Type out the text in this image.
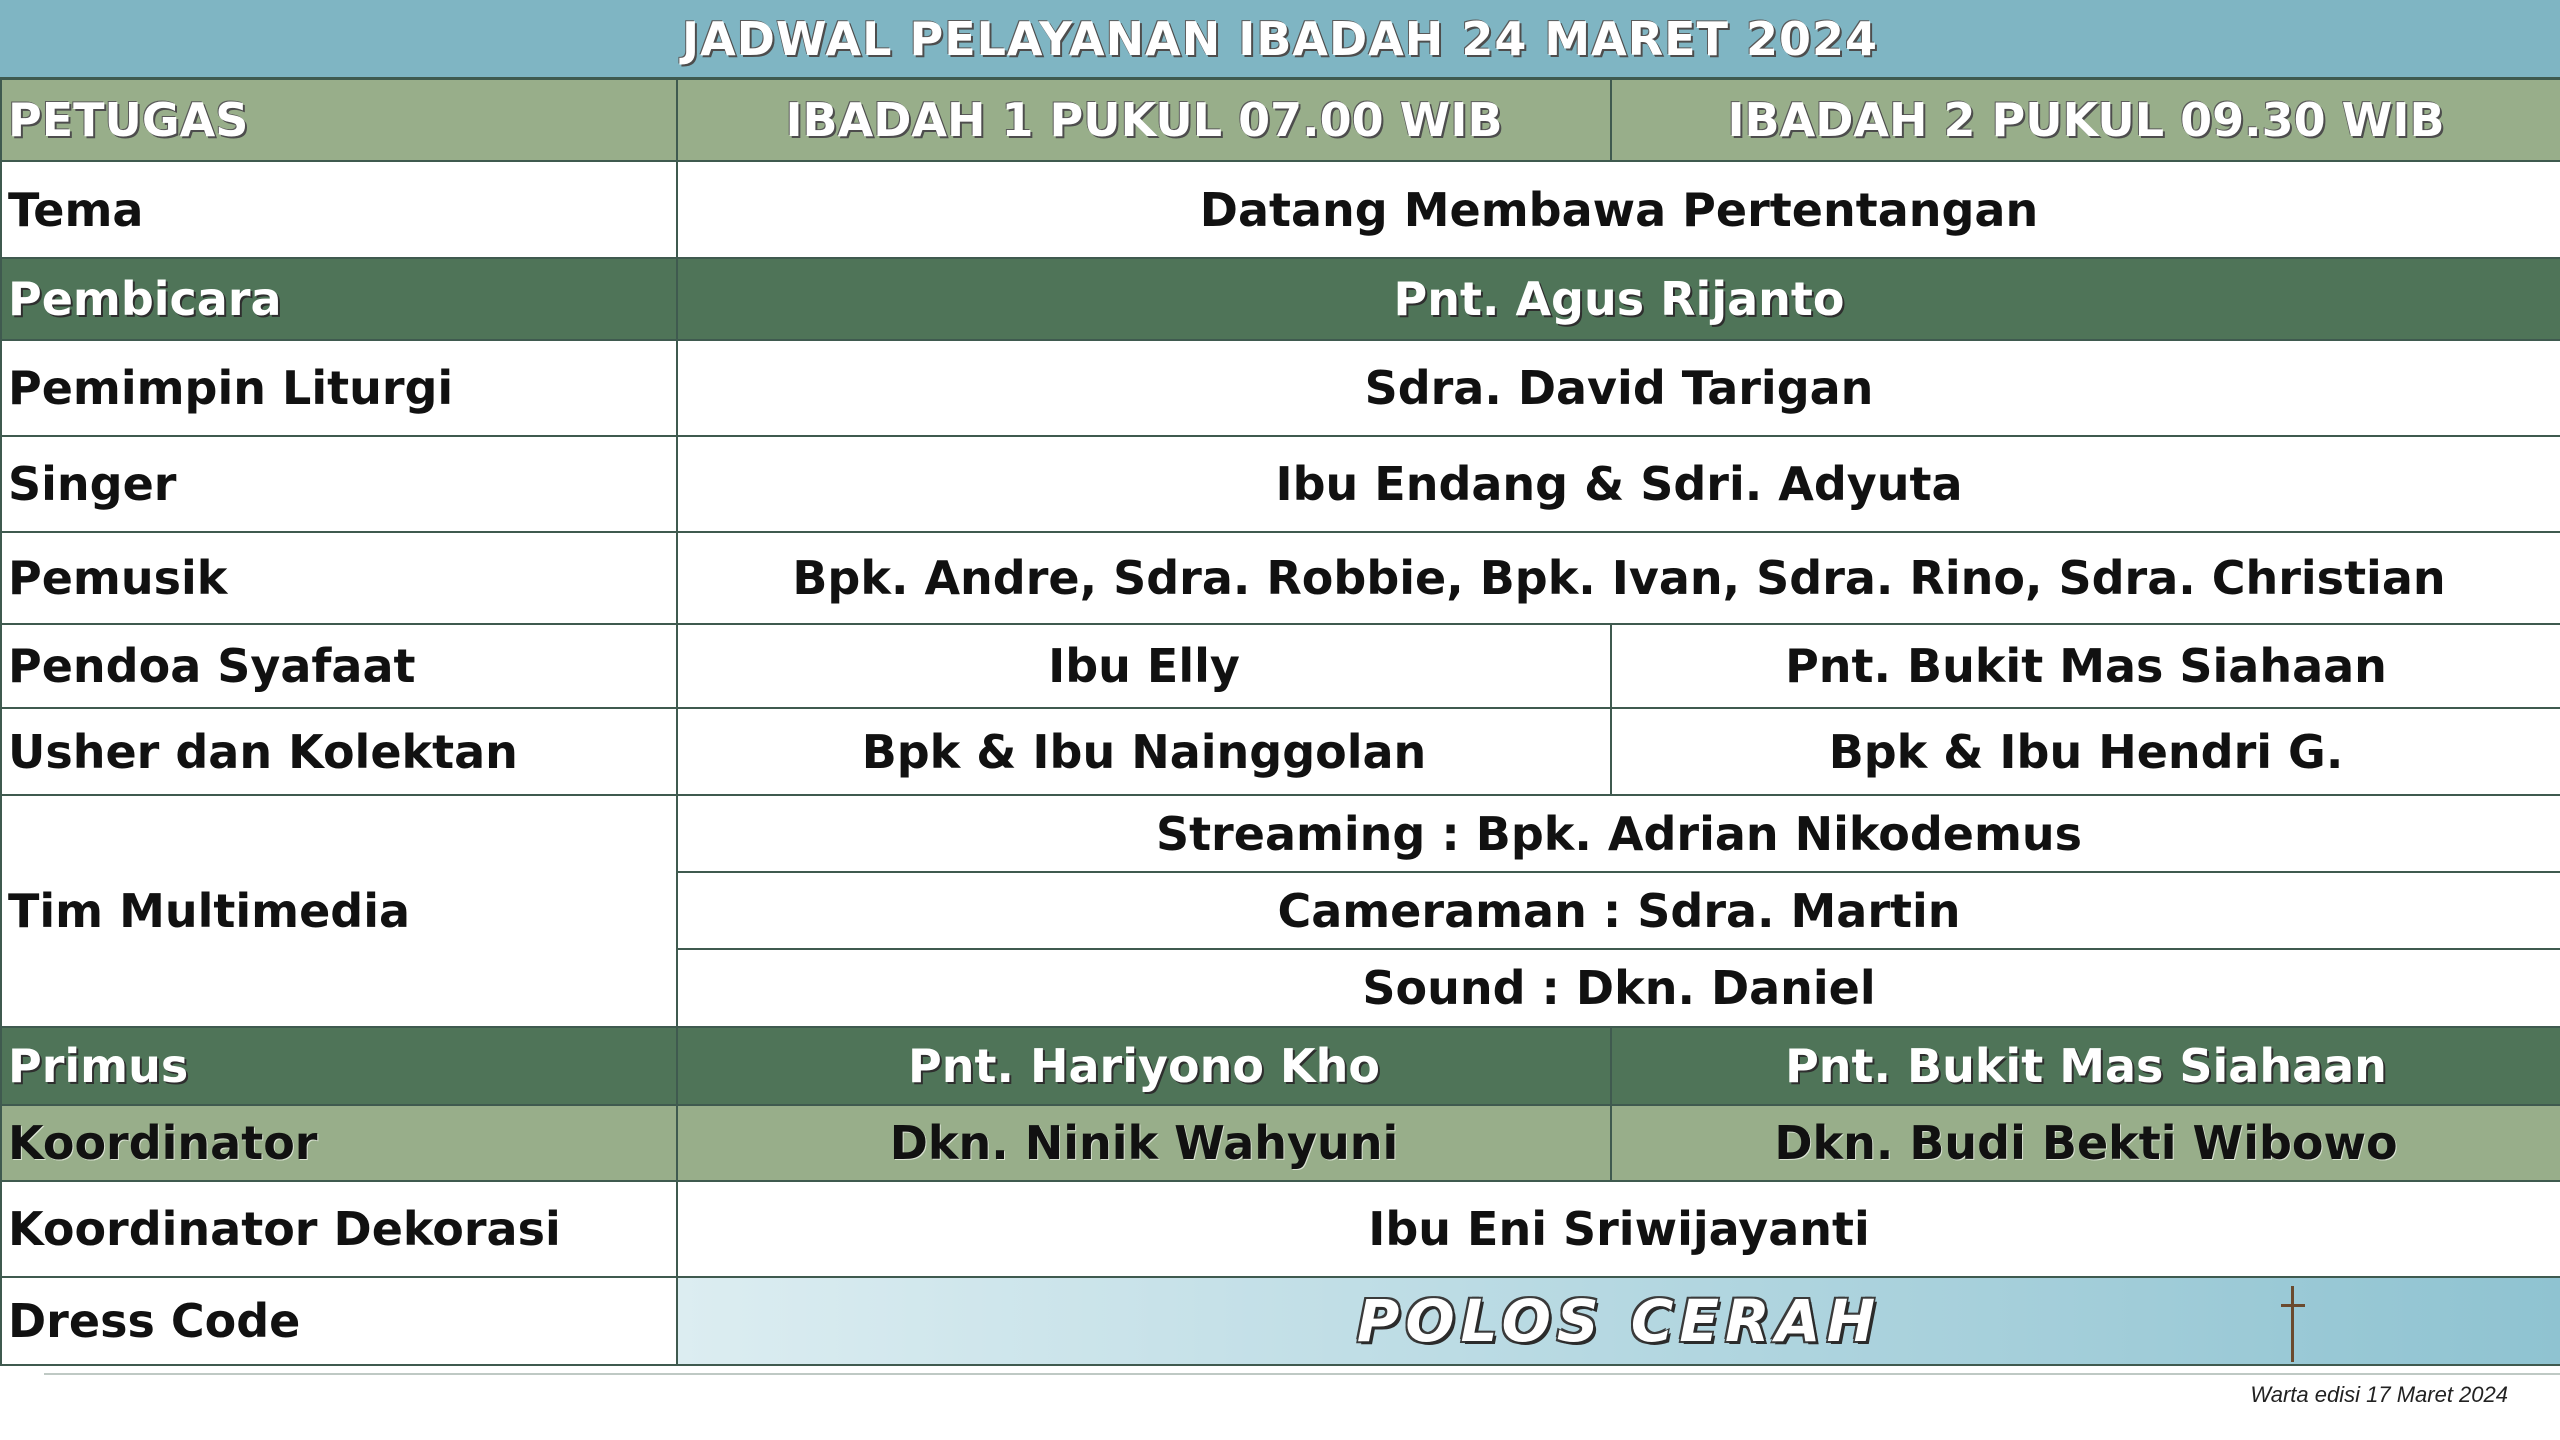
JADWAL PELAYANAN IBADAH 24 MARET 2024
PETUGAS	IBADAH 1 PUKUL 07.00 WIB	IBADAH 2 PUKUL 09.30 WIB
Tema	Datang Membawa Pertentangan	
Pembicara	Pnt. Agus Rijanto	
Pemimpin Liturgi	Sdra. David Tarigan	
Singer	Ibu Endang & Sdri. Adyuta	
Pemusik	Bpk. Andre, Sdra. Robbie, Bpk. Ivan, Sdra. Rino, Sdra. Christian	
Pendoa Syafaat	Ibu Elly	Pnt. Bukit Mas Siahaan
Usher dan Kolektan	Bpk & Ibu Nainggolan	Bpk & Ibu Hendri G.
Tim Multimedia	Streaming : Bpk. Adrian Nikodemus	
	Cameraman : Sdra. Martin	
	Sound : Dkn. Daniel	
Primus	Pnt. Hariyono Kho	Pnt. Bukit Mas Siahaan
Koordinator	Dkn. Ninik Wahyuni	Dkn. Budi Bekti Wibowo
Koordinator Dekorasi	Ibu Eni Sriwijayanti	
Dress Code	POLOS CERAH	
Warta edisi 17 Maret 2024
